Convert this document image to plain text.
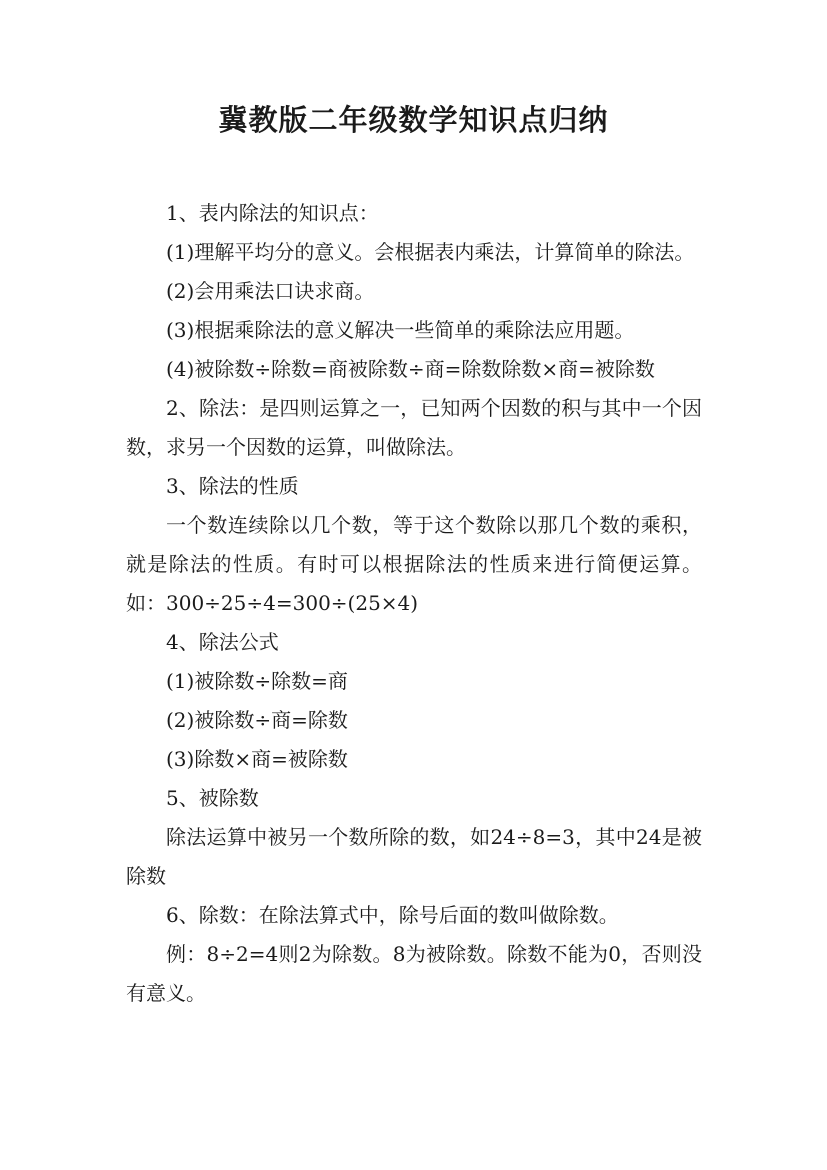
冀教版二年级数学知识点归纳

1、表内除法的知识点：

(1)理解平均分的意义。会根据表内乘法，计算简单的除法。

(2)会用乘法口诀求商。

(3)根据乘除法的意义解决一些简单的乘除法应用题。

(4)被除数÷除数=商被除数÷商=除数除数×商=被除数

2、除法：是四则运算之一，已知两个因数的积与其中一个因数，求另一个因数的运算，叫做除法。

3、除法的性质

一个数连续除以几个数，等于这个数除以那几个数的乘积，就是除法的性质。有时可以根据除法的性质来进行简便运算。如：300÷25÷4=300÷(25×4)

4、除法公式

(1)被除数÷除数=商

(2)被除数÷商=除数

(3)除数×商=被除数

5、被除数

除法运算中被另一个数所除的数，如24÷8=3，其中24是被除数

6、除数：在除法算式中，除号后面的数叫做除数。

例：8÷2=4则2为除数。8为被除数。除数不能为0，否则没有意义。
